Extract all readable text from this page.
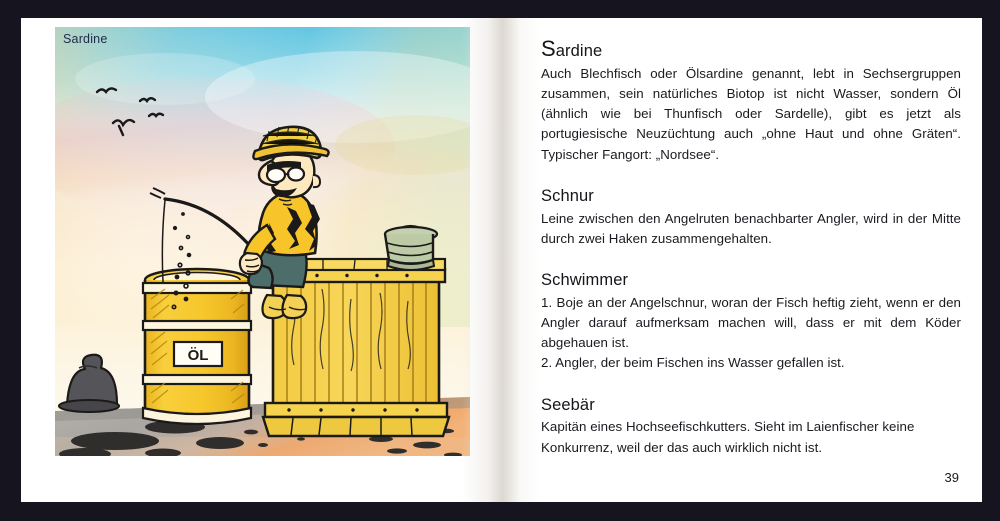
ÖL
Sardine	Sardine
Auch Blechfisch oder Ölsardine genannt, lebt in Sechsergruppen zusammen, sein natürliches Biotop ist nicht Wasser, sondern Öl (ähnlich wie bei Thunfisch oder Sardelle), gibt es jetzt als portugiesische Neuzüchtung auch „ohne Haut und ohne Gräten“. Typischer Fangort: „Nordsee“.
Schnur
Leine zwischen den Angelruten benachbarter Angler, wird in der Mitte durch zwei Haken zusammengehalten.
Schwimmer
1. Boje an der Angelschnur, woran der Fisch heftig zieht, wenn er den Angler darauf aufmerksam machen will, dass er mit dem Köder abgehauen ist.
2. Angler, der beim Fischen ins Wasser gefallen ist.
Seebär
Kapitän eines Hochseefischkutters. Sieht im Laienfischer keine Konkurrenz, weil der das auch wirklich nicht ist.
39
